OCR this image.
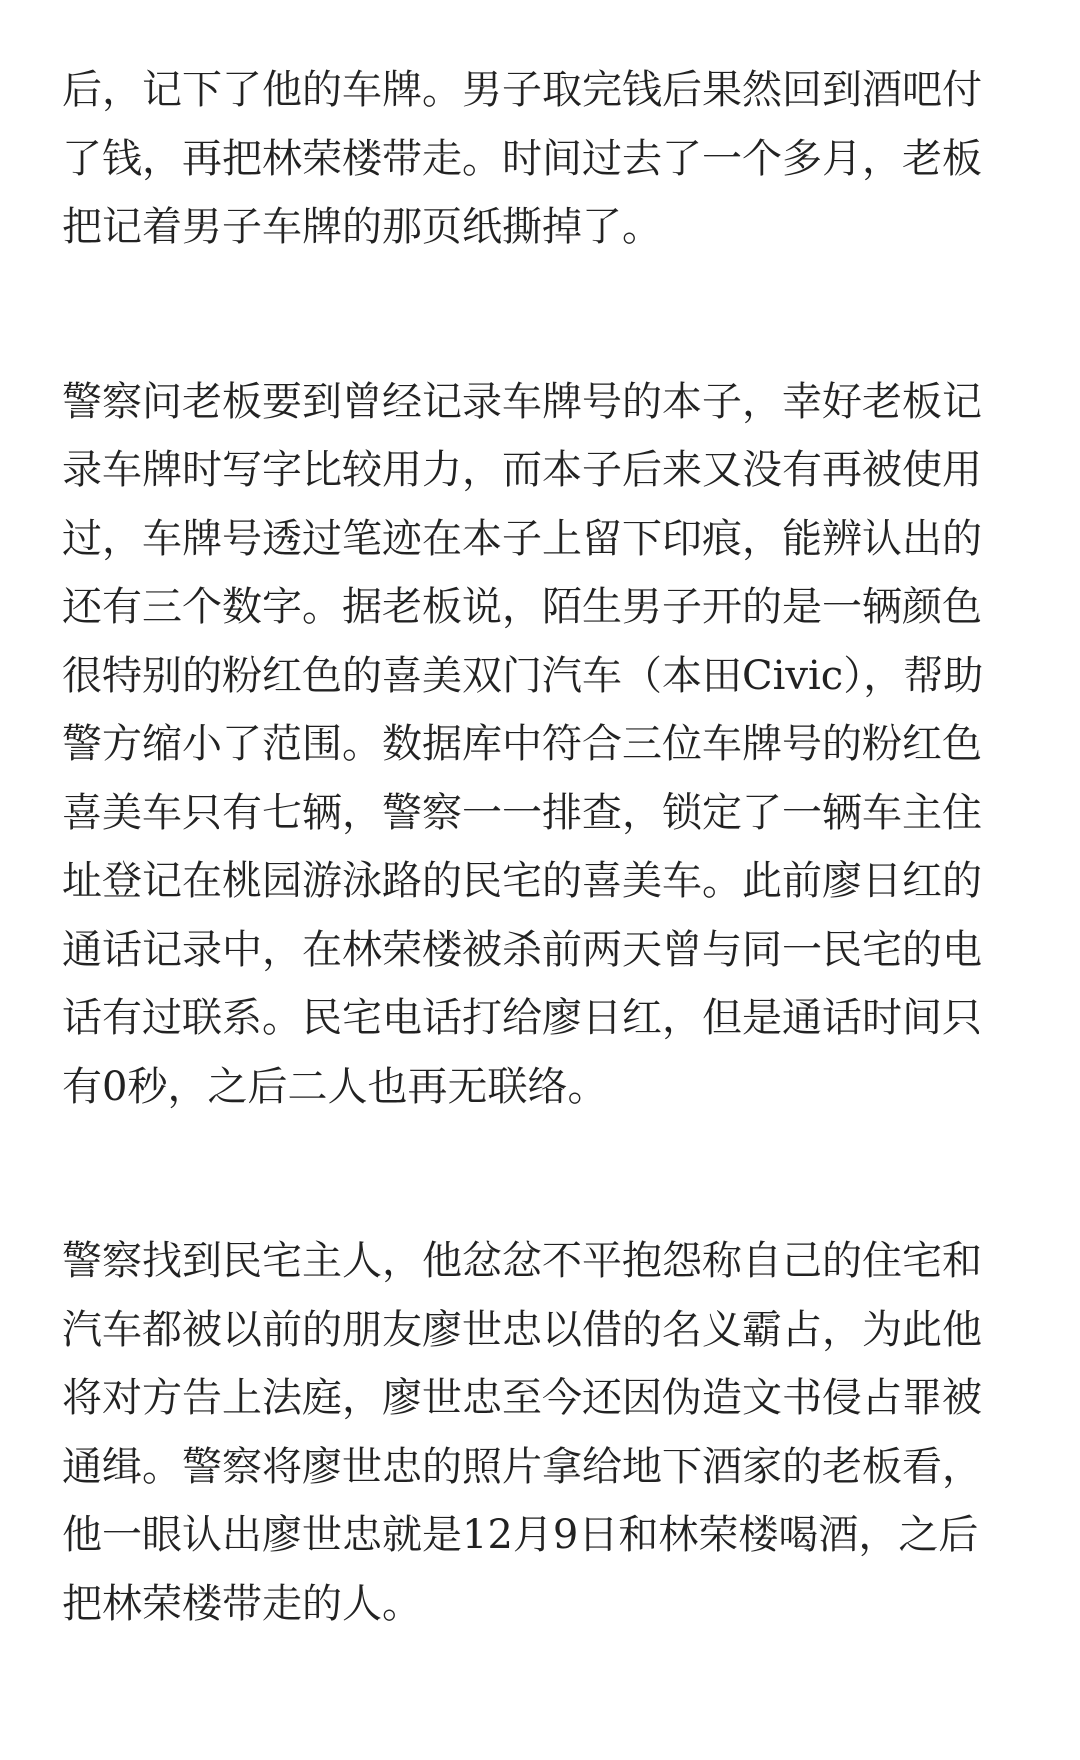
后，记下了他的车牌。男子取完钱后果然回到酒吧付
了钱，再把林荣楼带走。时间过去了一个多月，老板
把记着男子车牌的那页纸撕掉了。
警察问老板要到曾经记录车牌号的本子，幸好老板记
录车牌时写字比较用力，而本子后来又没有再被使用
过，车牌号透过笔迹在本子上留下印痕，能辨认出的
还有三个数字。据老板说，陌生男子开的是一辆颜色
很特别的粉红色的喜美双门汽车（本田Civic），帮助
警方缩小了范围。数据库中符合三位车牌号的粉红色
喜美车只有七辆，警察一一排查，锁定了一辆车主住
址登记在桃园游泳路的民宅的喜美车。此前廖日红的
通话记录中，在林荣楼被杀前两天曾与同一民宅的电
话有过联系。民宅电话打给廖日红，但是通话时间只
有0秒，之后二人也再无联络。
警察找到民宅主人，他忿忿不平抱怨称自己的住宅和
汽车都被以前的朋友廖世忠以借的名义霸占，为此他
将对方告上法庭，廖世忠至今还因伪造文书侵占罪被
通缉。警察将廖世忠的照片拿给地下酒家的老板看，
他一眼认出廖世忠就是12月9日和林荣楼喝酒，之后
把林荣楼带走的人。
